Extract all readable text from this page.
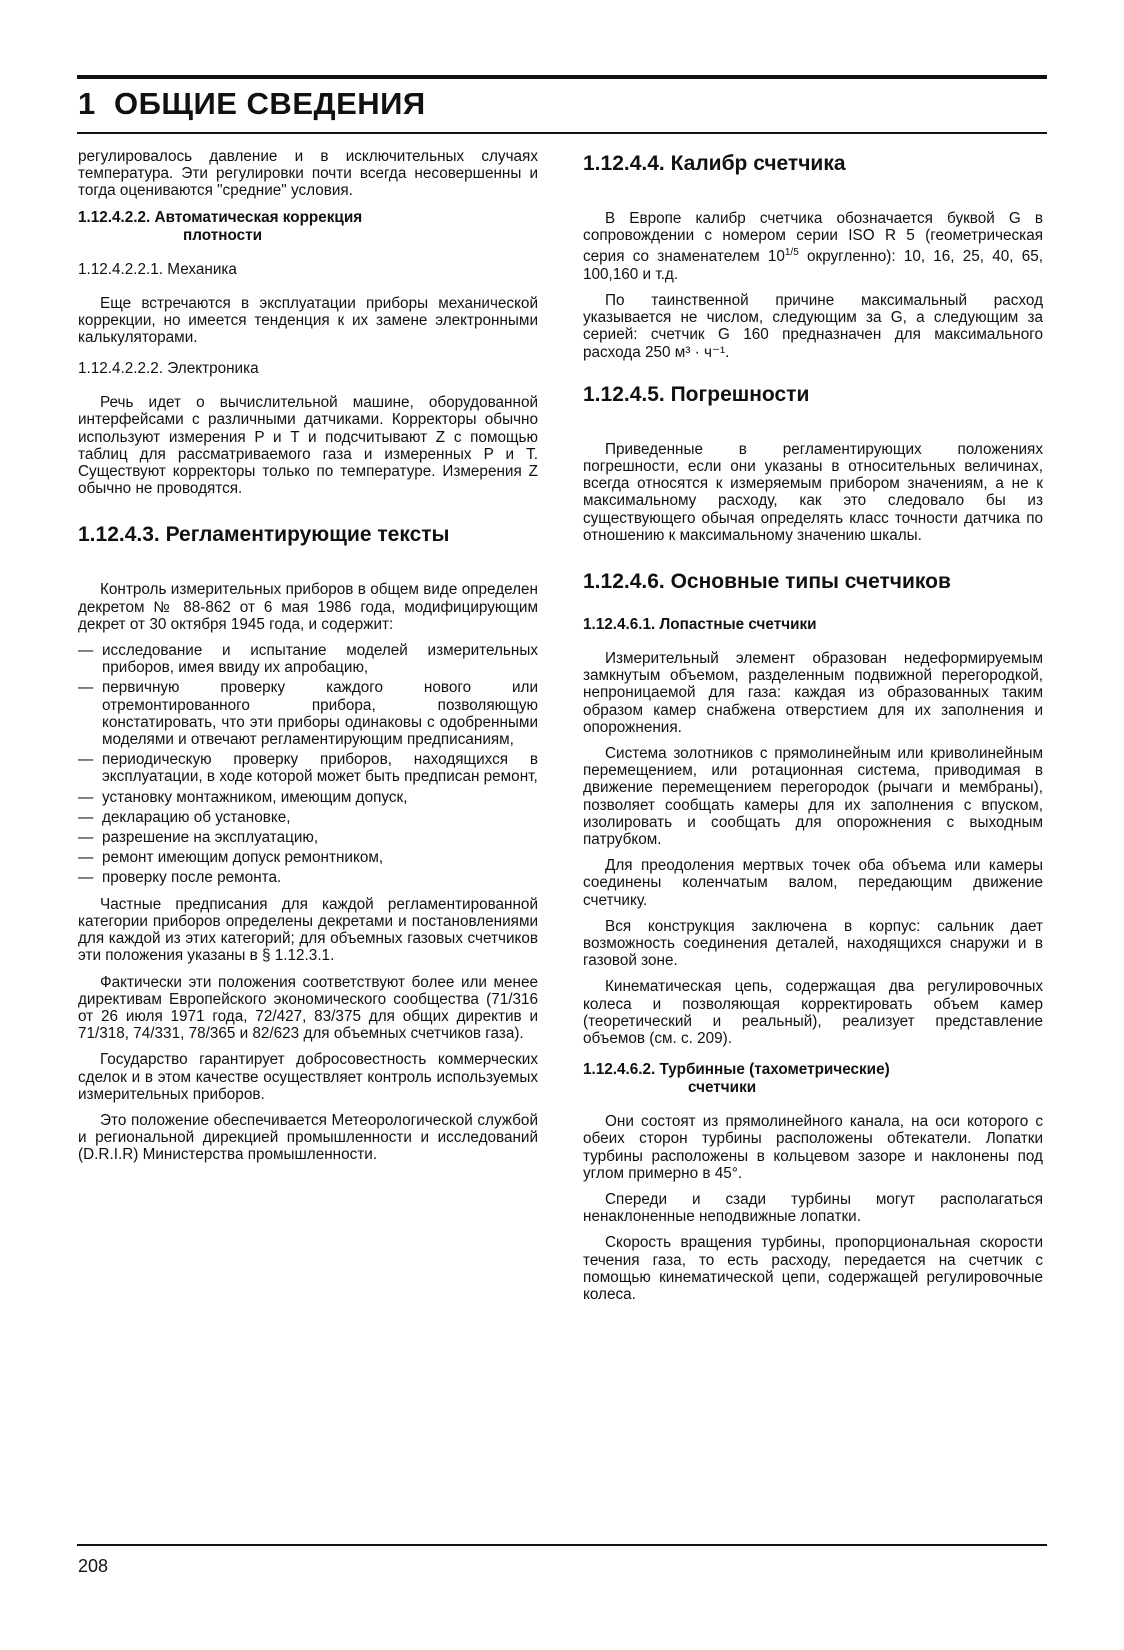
1 ОБЩИЕ СВЕДЕНИЯ

регулировалось давление и в исключительных случаях температура. Эти регулировки почти всегда несовершенны и тогда оцениваются "средние" условия.

1.12.4.2.2. Автоматическая коррекция
плотности
1.12.4.2.2.1. Механика

Еще встречаются в эксплуатации приборы механической коррекции, но имеется тенденция к их замене электронными калькуляторами.

1.12.4.2.2.2. Электроника

Речь идет о вычислительной машине, оборудованной интерфейсами с различными датчиками. Корректоры обычно используют измерения P и T и подсчитывают Z с помощью таблиц для рассматриваемого газа и измеренных P и T. Существуют корректоры только по температуре. Измерения Z обычно не проводятся.

1.12.4.3. Регламентирующие тексты

Контроль измерительных приборов в общем виде определен декретом № 88-862 от 6 мая 1986 года, модифицирующим декрет от 30 октября 1945 года, и содержит:

— исследование и испытание моделей измерительных приборов, имея ввиду их апробацию,
— первичную проверку каждого нового или отремонтированного прибора, позволяющую констатировать, что эти приборы одинаковы с одобренными моделями и отвечают регламентирующим предписаниям,
— периодическую проверку приборов, находящихся в эксплуатации, в ходе которой может быть предписан ремонт,
— установку монтажником, имеющим допуск,
— декларацию об установке,
— разрешение на эксплуатацию,
— ремонт имеющим допуск ремонтником,
— проверку после ремонта.

Частные предписания для каждой регламентированной категории приборов определены декретами и постановлениями для каждой из этих категорий; для объемных газовых счетчиков эти положения указаны в § 1.12.3.1.

Фактически эти положения соответствуют более или менее директивам Европейского экономического сообщества (71/316 от 26 июля 1971 года, 72/427, 83/375 для общих директив и 71/318, 74/331, 78/365 и 82/623 для объемных счетчиков газа).

Государство гарантирует добросовестность коммерческих сделок и в этом качестве осуществляет контроль используемых измерительных приборов.

Это положение обеспечивается Метеорологической службой и региональной дирекцией промышленности и исследований (D.R.I.R) Министерства промышленности.

1.12.4.4. Калибр счетчика

В Европе калибр счетчика обозначается буквой G в сопровождении с номером серии ISO R 5 (геометрическая серия со знаменателем $10^{1/5}$ округленно): 10, 16, 25, 40, 65, 100,160 и т.д.

По таинственной причине максимальный расход указывается не числом, следующим за G, а следующим за серией: счетчик G 160 предназначен для максимального расхода 250 м³ · ч⁻¹.

1.12.4.5. Погрешности

Приведенные в регламентирующих положениях погрешности, если они указаны в относительных величинах, всегда относятся к измеряемым прибором значениям, а не к максимальному расходу, как это следовало бы из существующего обычая определять класс точности датчика по отношению к максимальному значению шкалы.

1.12.4.6. Основные типы счетчиков
1.12.4.6.1. Лопастные счетчики

Измерительный элемент образован недеформируемым замкнутым объемом, разделенным подвижной перегородкой, непроницаемой для газа: каждая из образованных таким образом камер снабжена отверстием для их заполнения и опорожнения.

Система золотников с прямолинейным или криволинейным перемещением, или ротационная система, приводимая в движение перемещением перегородок (рычаги и мембраны), позволяет сообщать камеры для их заполнения с впуском, изолировать и сообщать для опорожнения с выходным патрубком.

Для преодоления мертвых точек оба объема или камеры соединены коленчатым валом, передающим движение счетчику.

Вся конструкция заключена в корпус: сальник дает возможность соединения деталей, находящихся снаружи и в газовой зоне.

Кинематическая цепь, содержащая два регулировочных колеса и позволяющая корректировать объем камер (теоретический и реальный), реализует представление объемов (см. с. 209).

1.12.4.6.2. Турбинные (тахометрические)
счетчики

Они состоят из прямолинейного канала, на оси которого с обеих сторон турбины расположены обтекатели. Лопатки турбины расположены в кольцевом зазоре и наклонены под углом примерно в 45°.

Спереди и сзади турбины могут располагаться ненаклоненные неподвижные лопатки.

Скорость вращения турбины, пропорциональная скорости течения газа, то есть расходу, передается на счетчик с помощью кинематической цепи, содержащей регулировочные колеса.

208
